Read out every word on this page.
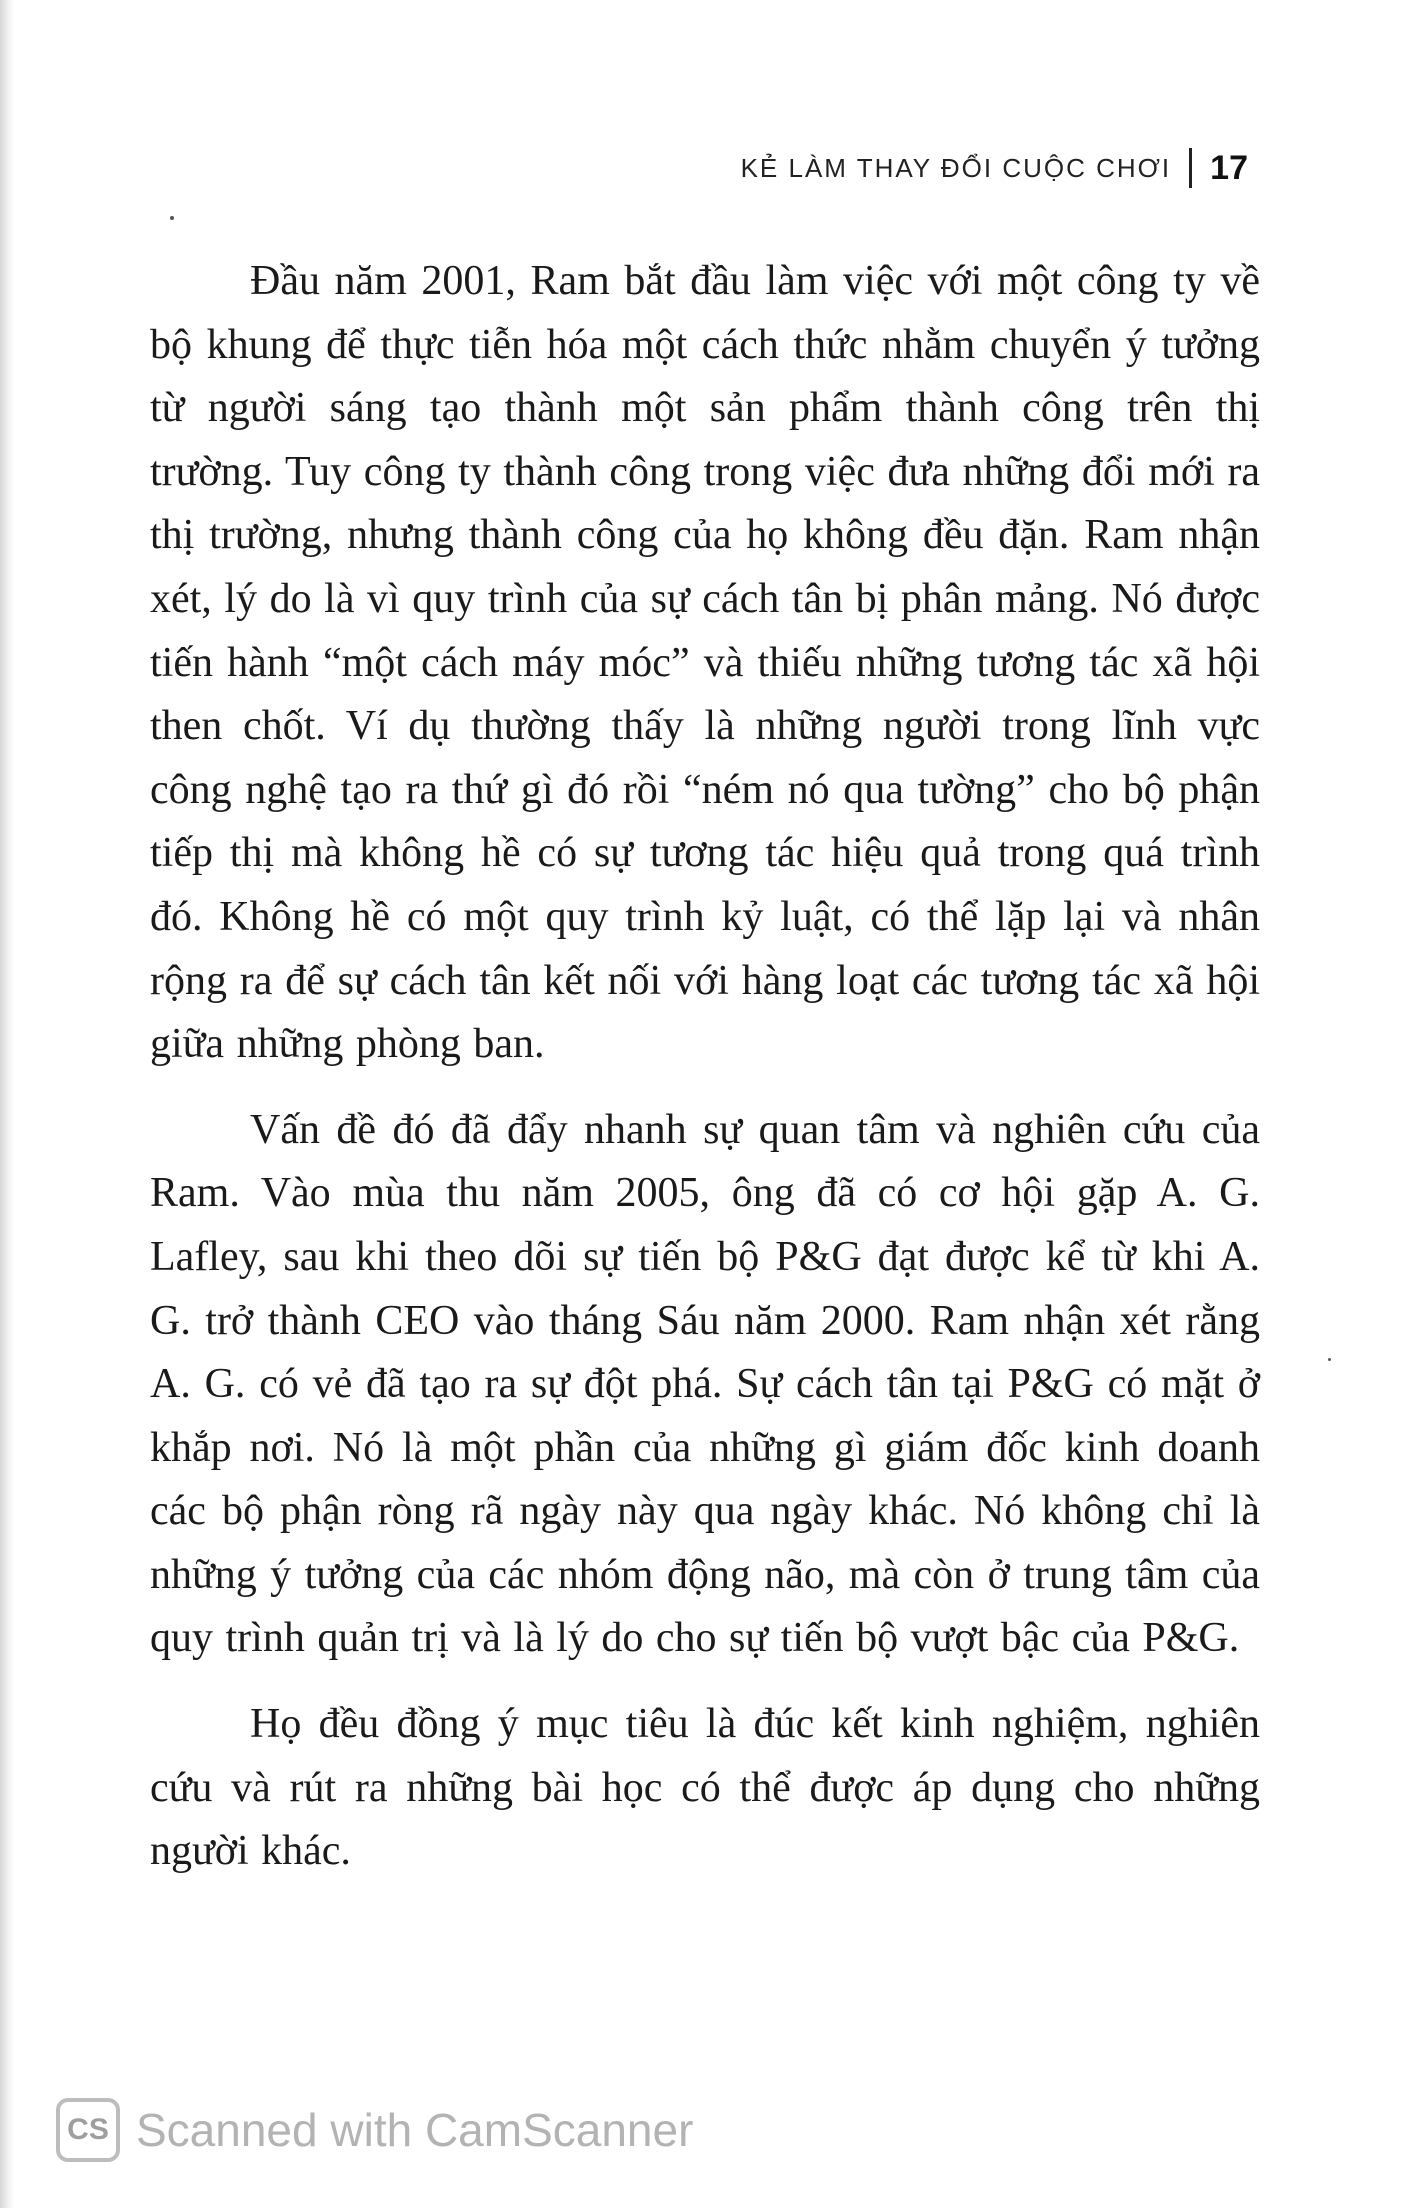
KẺ LÀM THAY ĐỔI CUỘC CHƠI 17

Đầu năm 2001, Ram bắt đầu làm việc với một công ty về bộ khung để thực tiễn hóa một cách thức nhằm chuyển ý tưởng từ người sáng tạo thành một sản phẩm thành công trên thị trường. Tuy công ty thành công trong việc đưa những đổi mới ra thị trường, nhưng thành công của họ không đều đặn. Ram nhận xét, lý do là vì quy trình của sự cách tân bị phân mảng. Nó được tiến hành “một cách máy móc” và thiếu những tương tác xã hội then chốt. Ví dụ thường thấy là những người trong lĩnh vực công nghệ tạo ra thứ gì đó rồi “ném nó qua tường” cho bộ phận tiếp thị mà không hề có sự tương tác hiệu quả trong quá trình đó. Không hề có một quy trình kỷ luật, có thể lặp lại và nhân rộng ra để sự cách tân kết nối với hàng loạt các tương tác xã hội giữa những phòng ban.

Vấn đề đó đã đẩy nhanh sự quan tâm và nghiên cứu của Ram. Vào mùa thu năm 2005, ông đã có cơ hội gặp A. G. Lafley, sau khi theo dõi sự tiến bộ P&G đạt được kể từ khi A. G. trở thành CEO vào tháng Sáu năm 2000. Ram nhận xét rằng A. G. có vẻ đã tạo ra sự đột phá. Sự cách tân tại P&G có mặt ở khắp nơi. Nó là một phần của những gì giám đốc kinh doanh các bộ phận ròng rã ngày này qua ngày khác. Nó không chỉ là những ý tưởng của các nhóm động não, mà còn ở trung tâm của quy trình quản trị và là lý do cho sự tiến bộ vượt bậc của P&G.

Họ đều đồng ý mục tiêu là đúc kết kinh nghiệm, nghiên cứu và rút ra những bài học có thể được áp dụng cho những người khác.

CS Scanned with CamScanner
